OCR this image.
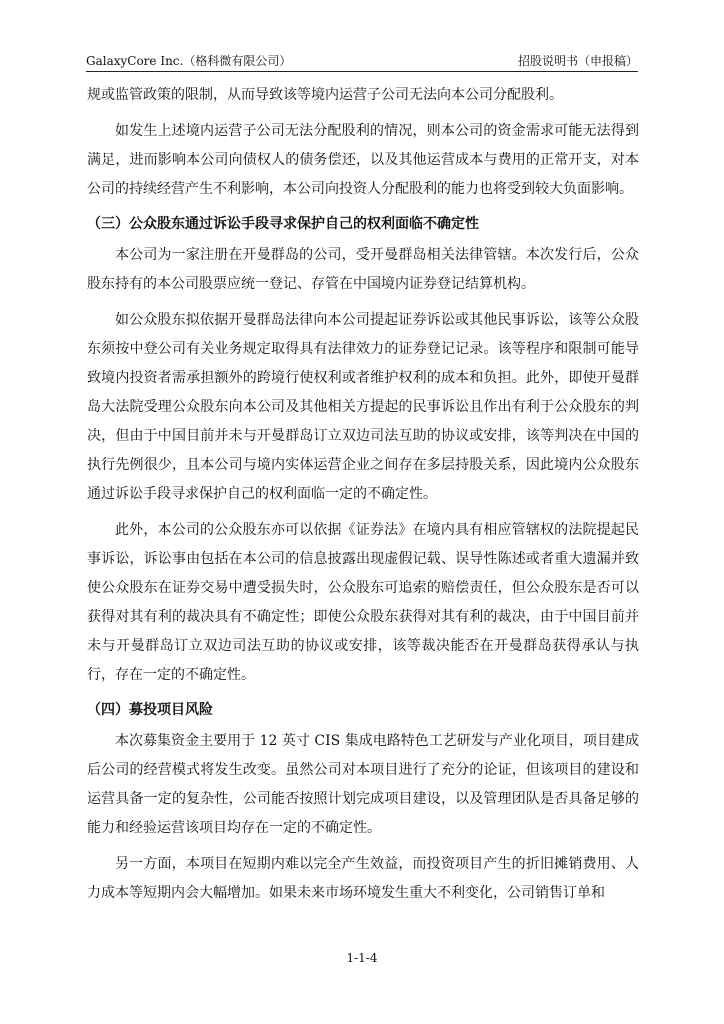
GalaxyCore Inc.（格科微有限公司）	招股说明书（申报稿）

规或监管政策的限制，从而导致该等境内运营子公司无法向本公司分配股利。

如发生上述境内运营子公司无法分配股利的情况，则本公司的资金需求可能无法得到满足，进而影响本公司向债权人的债务偿还，以及其他运营成本与费用的正常开支，对本公司的持续经营产生不利影响，本公司向投资人分配股利的能力也将受到较大负面影响。

（三）公众股东通过诉讼手段寻求保护自己的权利面临不确定性

本公司为一家注册在开曼群岛的公司，受开曼群岛相关法律管辖。本次发行后，公众股东持有的本公司股票应统一登记、存管在中国境内证券登记结算机构。

如公众股东拟依据开曼群岛法律向本公司提起证券诉讼或其他民事诉讼，该等公众股东须按中登公司有关业务规定取得具有法律效力的证券登记记录。该等程序和限制可能导致境内投资者需承担额外的跨境行使权利或者维护权利的成本和负担。此外，即使开曼群岛大法院受理公众股东向本公司及其他相关方提起的民事诉讼且作出有利于公众股东的判决，但由于中国目前并未与开曼群岛订立双边司法互助的协议或安排，该等判决在中国的执行先例很少，且本公司与境内实体运营企业之间存在多层持股关系，因此境内公众股东通过诉讼手段寻求保护自己的权利面临一定的不确定性。

此外，本公司的公众股东亦可以依据《证券法》在境内具有相应管辖权的法院提起民事诉讼，诉讼事由包括在本公司的信息披露出现虚假记载、误导性陈述或者重大遗漏并致使公众股东在证券交易中遭受损失时，公众股东可追索的赔偿责任，但公众股东是否可以获得对其有利的裁决具有不确定性；即使公众股东获得对其有利的裁决，由于中国目前并未与开曼群岛订立双边司法互助的协议或安排，该等裁决能否在开曼群岛获得承认与执行，存在一定的不确定性。

（四）募投项目风险

本次募集资金主要用于 12 英寸 CIS 集成电路特色工艺研发与产业化项目，项目建成后公司的经营模式将发生改变。虽然公司对本项目进行了充分的论证，但该项目的建设和运营具备一定的复杂性，公司能否按照计划完成项目建设，以及管理团队是否具备足够的能力和经验运营该项目均存在一定的不确定性。

另一方面，本项目在短期内难以完全产生效益，而投资项目产生的折旧摊销费用、人力成本等短期内会大幅增加。如果未来市场环境发生重大不利变化，公司销售订单和

1-1-4
